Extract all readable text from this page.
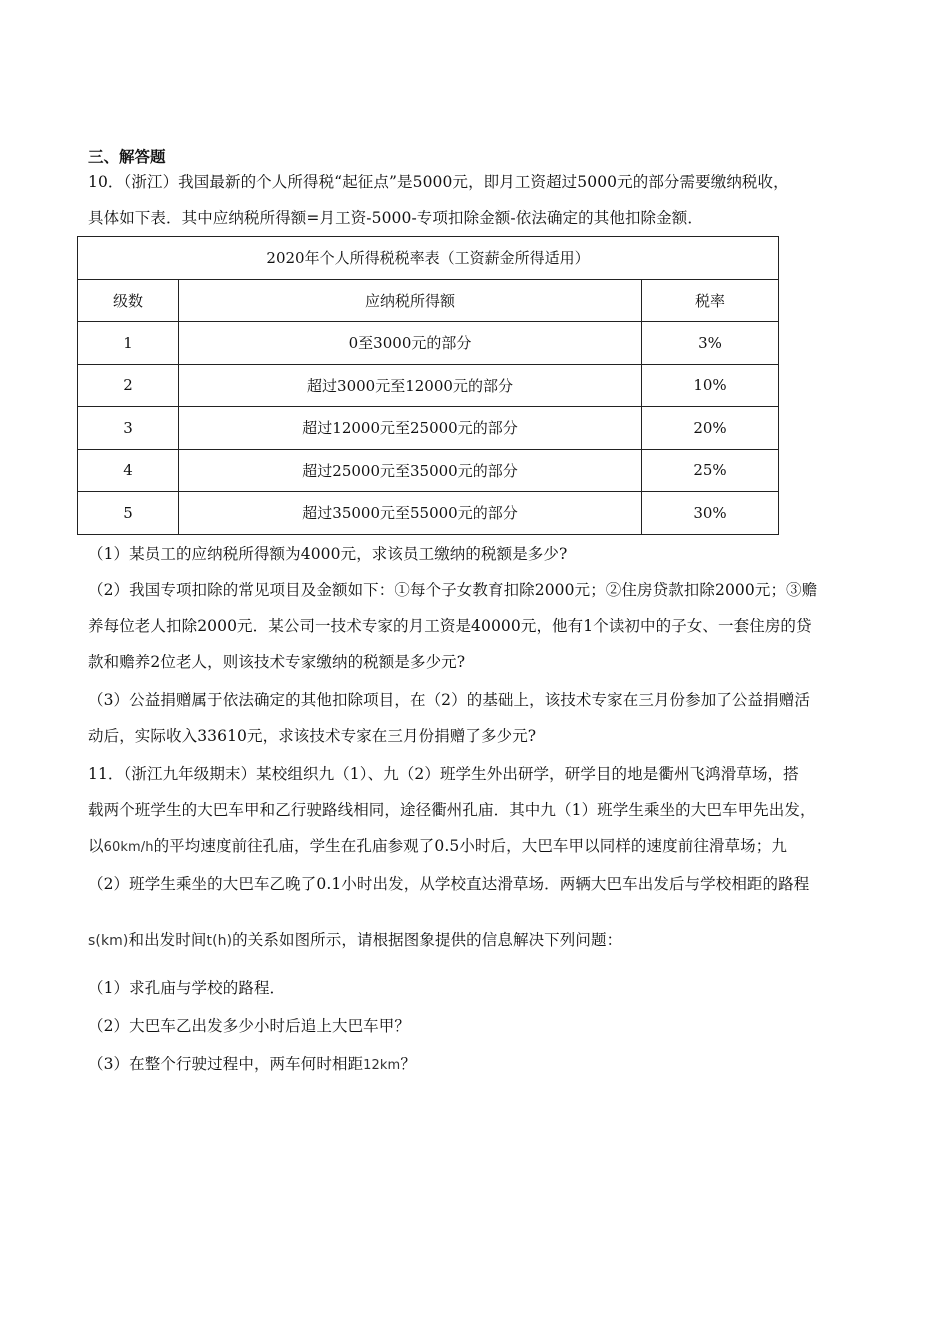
三、解答题
10．（浙江）我国最新的个人所得税“起征点”是5000元，即月工资超过5000元的部分需要缴纳税收，
具体如下表．其中应纳税所得额=月工资-5000-专项扣除金额-依法确定的其他扣除金额．
2020年个人所得税税率表（工资薪金所得适用）		
级数	应纳税所得额	税率
1	0至3000元的部分	3%
2	超过3000元至12000元的部分	10%
3	超过12000元至25000元的部分	20%
4	超过25000元至35000元的部分	25%
5	超过35000元至55000元的部分	30%
（1）某员工的应纳税所得额为4000元，求该员工缴纳的税额是多少?
（2）我国专项扣除的常见项目及金额如下：①每个子女教育扣除2000元；②住房贷款扣除2000元；③赡
养每位老人扣除2000元．某公司一技术专家的月工资是40000元，他有1个读初中的子女、一套住房的贷
款和赡养2位老人，则该技术专家缴纳的税额是多少元?
（3）公益捐赠属于依法确定的其他扣除项目，在（2）的基础上，该技术专家在三月份参加了公益捐赠活
动后，实际收入33610元，求该技术专家在三月份捐赠了多少元?
11．（浙江九年级期末）某校组织九（1）、九（2）班学生外出研学，研学目的地是衢州飞鸿滑草场，搭
载两个班学生的大巴车甲和乙行驶路线相同，途径衢州孔庙．其中九（1）班学生乘坐的大巴车甲先出发，
以60km/h的平均速度前往孔庙，学生在孔庙参观了0.5小时后，大巴车甲以同样的速度前往滑草场；九
（2）班学生乘坐的大巴车乙晚了0.1小时出发，从学校直达滑草场．两辆大巴车出发后与学校相距的路程
s(km)和出发时间t(h)的关系如图所示，请根据图象提供的信息解决下列问题：
（1）求孔庙与学校的路程．
（2）大巴车乙出发多少小时后追上大巴车甲？
（3）在整个行驶过程中，两车何时相距12km？
